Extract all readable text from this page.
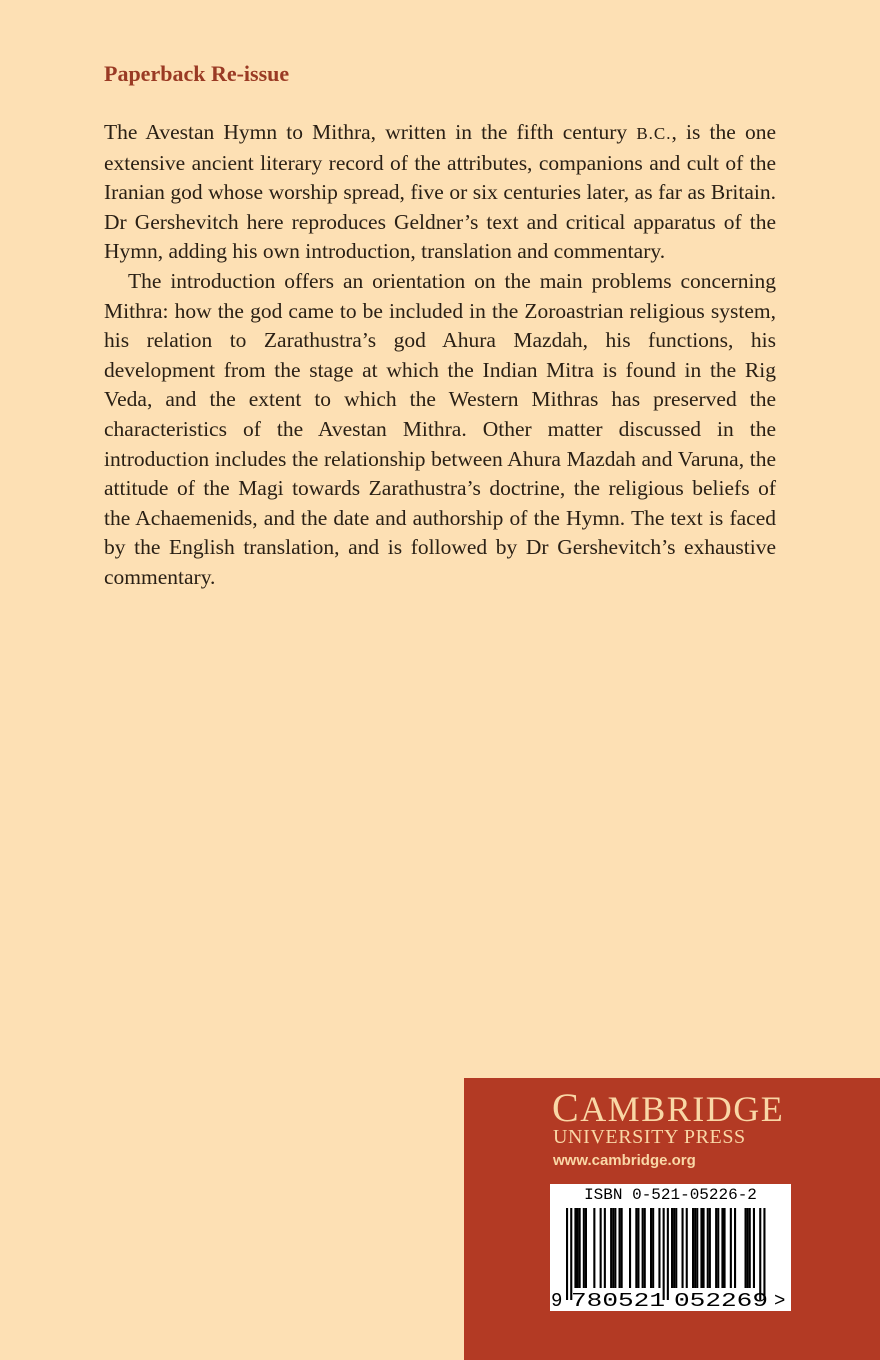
Paperback Re-issue

The Avestan Hymn to Mithra, written in the fifth century B.C., is the one extensive ancient literary record of the attributes, companions and cult of the Iranian god whose worship spread, five or six centuries later, as far as Britain. Dr Gershevitch here reproduces Geldner’s text and critical apparatus of the Hymn, adding his own introduction, translation and commentary.

The introduction offers an orientation on the main problems concerning Mithra: how the god came to be included in the Zoroastrian religious system, his relation to Zarathustra’s god Ahura Mazdah, his functions, his development from the stage at which the Indian Mitra is found in the Rig Veda, and the extent to which the Western Mithras has preserved the characteristics of the Avestan Mithra. Other matter discussed in the introduction includes the relationship between Ahura Mazdah and Varuna, the attitude of the Magi towards Zarathustra’s doctrine, the religious beliefs of the Achaemenids, and the date and authorship of the Hymn. The text is faced by the English translation, and is followed by Dr Gershevitch’s exhaustive commentary.

CAMBRIDGE
UNIVERSITY PRESS
www.cambridge.org
ISBN 0-521-05226-2
9 780521 052269 >
